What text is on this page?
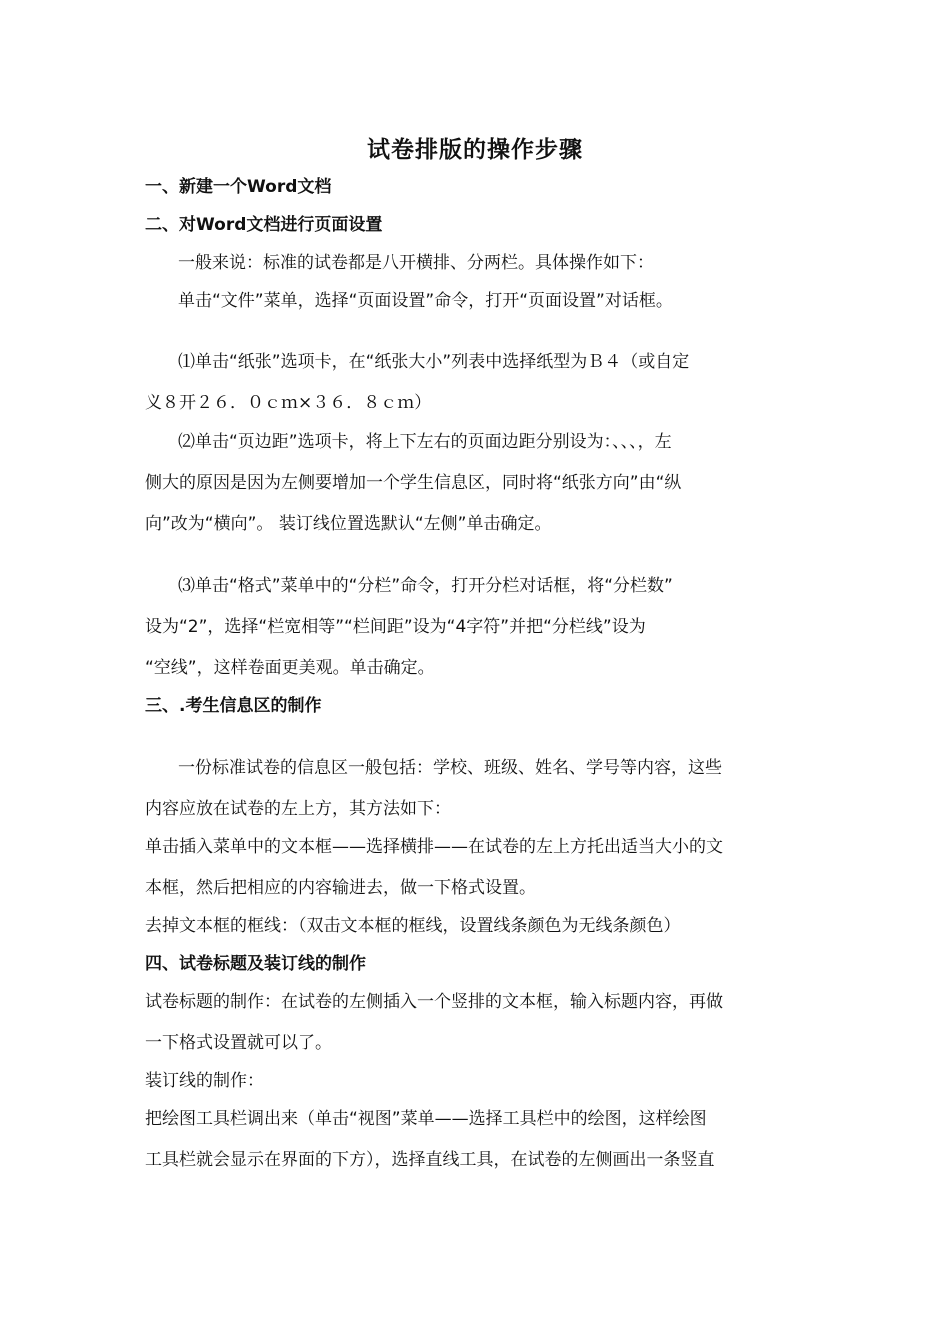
试卷排版的操作步骤
一、新建一个Word文档
二、对Word文档进行页面设置
一般来说：标准的试卷都是八开横排、分两栏。具体操作如下：
单击“文件”菜单，选择“页面设置”命令，打开“页面设置”对话框。
⑴单击“纸张”选项卡，在“纸张大小”列表中选择纸型为Ｂ４（或自定
义８开２６．０ｃｍ×３６．８ｃｍ）
⑵单击“页边距”选项卡，将上下左右的页面边距分别设为：、、、，左
侧大的原因是因为左侧要增加一个学生信息区，同时将“纸张方向”由“纵
向”改为“横向”。 装订线位置选默认“左侧”单击确定。
⑶单击“格式”菜单中的“分栏”命令，打开分栏对话框，将“分栏数”
设为“2”，选择“栏宽相等”“栏间距”设为“4字符”并把“分栏线”设为
“空线”，这样卷面更美观。单击确定。
三、.考生信息区的制作
一份标准试卷的信息区一般包括：学校、班级、姓名、学号等内容，这些
内容应放在试卷的左上方，其方法如下：
单击插入菜单中的文本框——选择横排——在试卷的左上方托出适当大小的文
本框，然后把相应的内容输进去，做一下格式设置。
去掉文本框的框线：（双击文本框的框线，设置线条颜色为无线条颜色）
四、试卷标题及装订线的制作
试卷标题的制作：在试卷的左侧插入一个竖排的文本框，输入标题内容，再做
一下格式设置就可以了。
装订线的制作：
把绘图工具栏调出来（单击“视图”菜单——选择工具栏中的绘图，这样绘图
工具栏就会显示在界面的下方），选择直线工具，在试卷的左侧画出一条竖直
